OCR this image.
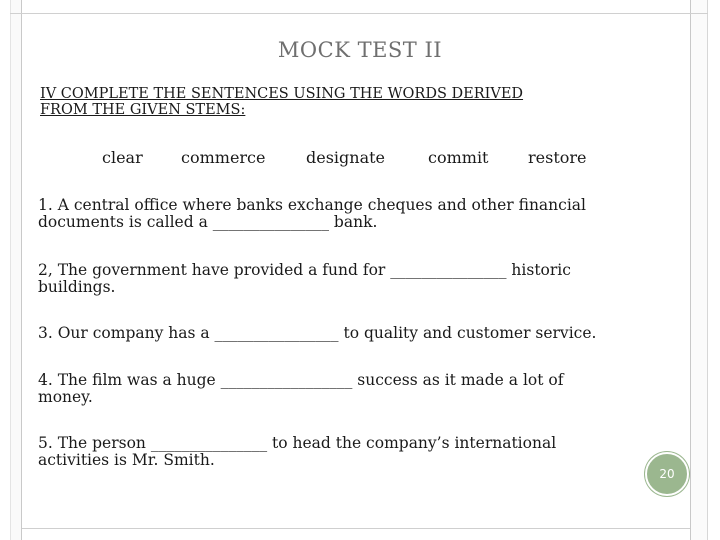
MOCK TEST II
IV COMPLETE THE SENTENCES USING THE WORDS DERIVED
FROM THE GIVEN STEMS:
clear commerce	designate	commit restore
1. A central office where banks exchange cheques and other financial
documents is called a _______________ bank.
2, The government have provided a fund for _______________ historic
buildings.
3. Our company has a ________________ to quality and customer service.
4. The film was a huge _________________ success as it made a lot of
money.
5. The person _______________ to head the company’s international
activities is Mr. Smith.
20
